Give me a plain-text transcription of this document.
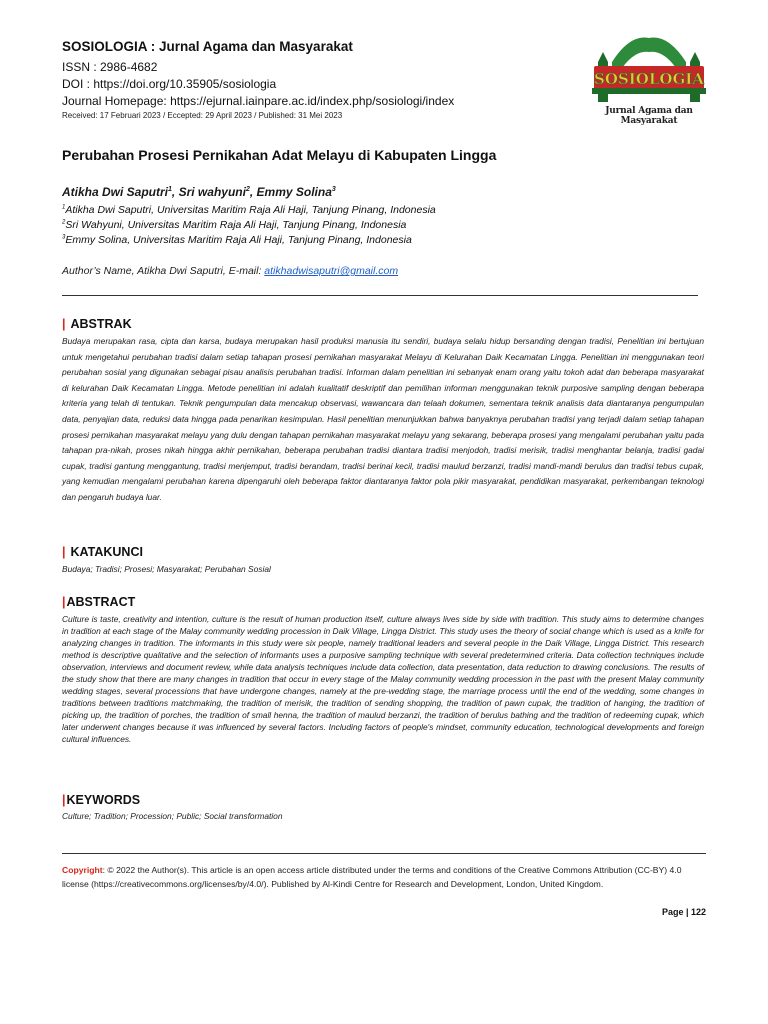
SOSIOLOGIA : Jurnal Agama dan Masyarakat
ISSN : 2986-4682
DOI : https://doi.org/10.35905/sosiologia
Journal Homepage: https://ejurnal.iainpare.ac.id/index.php/sosiologi/index
Received: 17 Februari 2023 / Eccepted: 29 April 2023 / Published: 31 Mei 2023
SOSIOLOGIA
Jurnal Agama dan Masyarakat
Perubahan Prosesi Pernikahan Adat Melayu di Kabupaten Lingga
Atikha Dwi Saputri$^1$, Sri wahyuni$^2$, Emmy Solina$^3$
$^1$Atikha Dwi Saputri, Universitas Maritim Raja Ali Haji, Tanjung Pinang, Indonesia
$^2$Sri Wahyuni, Universitas Maritim Raja Ali Haji, Tanjung Pinang, Indonesia
$^3$Emmy Solina, Universitas Maritim Raja Ali Haji, Tanjung Pinang, Indonesia
Author’s Name, Atikha Dwi Saputri, E-mail: atikhadwisaputri@gmail.com
| ABSTRAK
Budaya merupakan rasa, cipta dan karsa, budaya merupakan hasil produksi manusia itu sendiri, budaya selalu hidup bersanding dengan tradisi, Penelitian ini bertujuan untuk mengetahui perubahan tradisi dalam setiap tahapan prosesi pernikahan masyarakat Melayu di Kelurahan Daik Kecamatan Lingga. Penelitian ini menggunakan teori perubahan sosial yang digunakan sebagai pisau analisis perubahan tradisi. Informan dalam penelitian ini sebanyak enam orang yaitu tokoh adat dan beberapa masyarakat di kelurahan Daik Kecamatan Lingga. Metode penelitian ini adalah kualitatif deskriptif dan pemilihan informan menggunakan teknik purposive sampling dengan beberapa kriteria yang telah di tentukan. Teknik pengumpulan data mencakup observasi, wawancara dan telaah dokumen, sementara teknik analisis data diantaranya pengumpulan data, penyajian data, reduksi data hingga pada penarikan kesimpulan. Hasil penelitian menunjukkan bahwa banyaknya perubahan tradisi yang terjadi dalam setiap tahapan prosesi pernikahan masyarakat melayu yang dulu dengan tahapan pernikahan masyarakat melayu yang sekarang, beberapa prosesi yang mengalami perubahan yaitu pada tahapan pra-nikah, proses nikah hingga akhir pernikahan, beberapa perubahan tradisi diantara tradisi menjodoh, tradisi merisik, tradisi menghantar belanja, tradisi gadai cupak, tradisi gantung menggantung, tradisi menjemput, tradisi berandam, tradisi berinai kecil, tradisi maulud berzanzi, tradisi mandi-mandi berulus dan tradisi tebus cupak, yang kemudian mengalami perubahan karena dipengaruhi oleh beberapa faktor diantaranya faktor pola pikir masyarakat, pendidikan masyarakat, perkembangan teknologi dan pengaruh budaya luar.
| KATAKUNCI
Budaya; Tradisi; Prosesi; Masyarakat; Perubahan Sosial
|ABSTRACT
Culture is taste, creativity and intention, culture is the result of human production itself, culture always lives side by side with tradition. This study aims to determine changes in tradition at each stage of the Malay community wedding procession in Daik Village, Lingga District. This study uses the theory of social change which is used as a knife for analyzing changes in tradition. The informants in this study were six people, namely traditional leaders and several people in the Daik Village, Lingga District. This research method is descriptive qualitative and the selection of informants uses a purposive sampling technique with several predetermined criteria. Data collection techniques include observation, interviews and document review, while data analysis techniques include data collection, data presentation, data reduction to drawing conclusions. The results of the study show that there are many changes in tradition that occur in every stage of the Malay community wedding procession in the past with the present Malay community wedding stages, several processions that have undergone changes, namely at the pre-wedding stage, the marriage process until the end of the wedding, some changes in traditions between traditions matchmaking, the tradition of merisik, the tradition of sending shopping, the tradition of pawn cupak, the tradition of hanging, the tradition of picking up, the tradition of porches, the tradition of small henna, the tradition of maulud berzanzi, the tradition of berulus bathing and the tradition of redeeming cupak, which later underwent changes because it was influenced by several factors. Including factors of people's mindset, community education, technological developments and foreign cultural influences.
|KEYWORDS
Culture; Tradition; Procession; Public; Social transformation
Copyright: © 2022 the Author(s). This article is an open access article distributed under the terms and conditions of the Creative Commons Attribution (CC-BY) 4.0 license (https://creativecommons.org/licenses/by/4.0/). Published by Al-Kindi Centre for Research and Development, London, United Kingdom.
Page | 122
